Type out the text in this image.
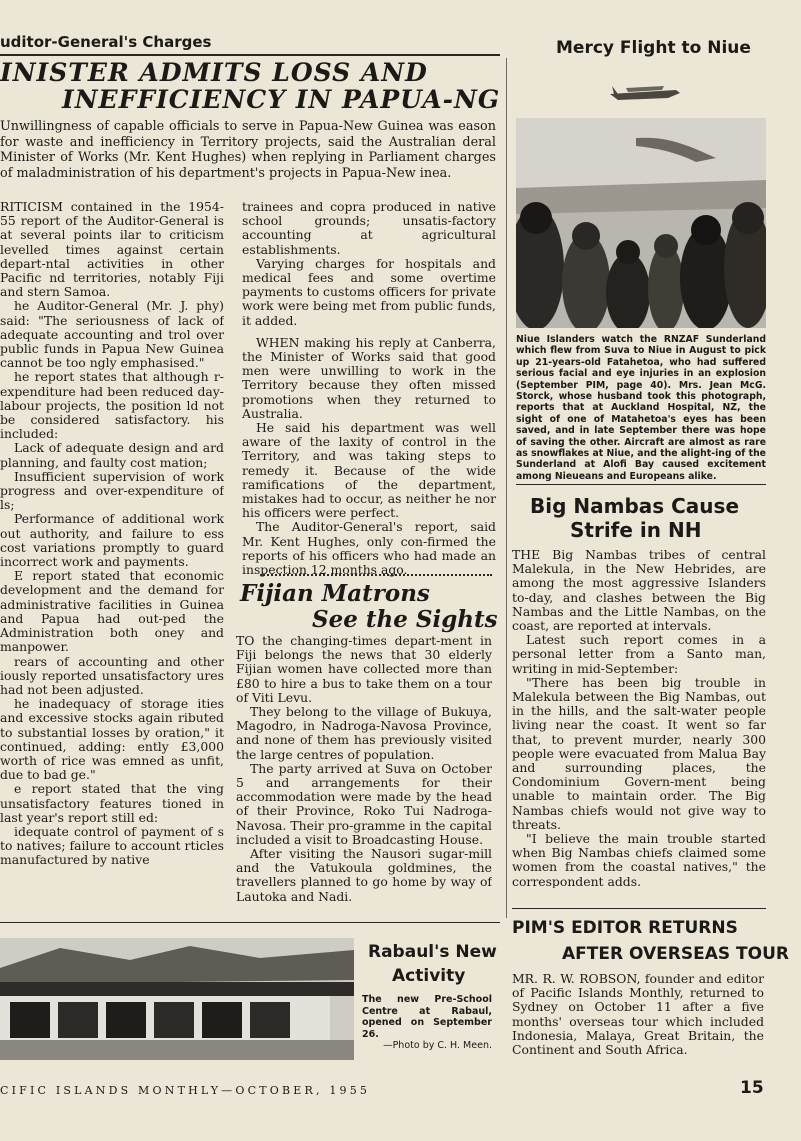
uditor-General's Charges	Mercy Flight to Niue
INISTER ADMITS LOSS AND
INEFFICIENCY IN PAPUA-NG

Unwillingness of capable officials to serve in Papua-New Guinea was eason for waste and inefficiency in Territory projects, said the Australian deral Minister of Works (Mr. Kent Hughes) when replying in Parliament charges of maladministration of his department's projects in Papua-New inea.

RITICISM contained in the 1954-55 report of the Auditor-General is at several points ilar to criticism levelled times against certain depart-ntal activities in other Pacific nd territories, notably Fiji and stern Samoa.

he Auditor-General (Mr. J. phy) said: "The seriousness of lack of adequate accounting and trol over public funds in Papua New Guinea cannot be too ngly emphasised."

he report states that although r-expenditure had been reduced day-labour projects, the position ld not be considered satisfactory. his included:

Lack of adequate design and ard planning, and faulty cost mation;

Insufficient supervision of work progress and over-expenditure of ls;

Performance of additional work out authority, and failure to ess cost variations promptly to guard incorrect work and payments.

E report stated that economic development and the demand for administrative facilities in Guinea and Papua had out-ped the Administration both oney and manpower.

rears of accounting and other iously reported unsatisfactory ures had not been adjusted.

he inadequacy of storage ities and excessive stocks again ributed to substantial losses by oration," it continued, adding: ently £3,000 worth of rice was emned as unfit, due to bad ge."

e report stated that the ving unsatisfactory features tioned in last year's report still ed:

idequate control of payment of s to natives; failure to account rticles manufactured by native

trainees and copra produced in native school grounds; unsatis-factory accounting at agricultural establishments.

Varying charges for hospitals and medical fees and some overtime payments to customs officers for private work were being met from public funds, it added.

WHEN making his reply at Canberra, the Minister of Works said that good men were unwilling to work in the Territory because they often missed promotions when they returned to Australia.

He said his department was well aware of the laxity of control in the Territory, and was taking steps to remedy it. Because of the wide ramifications of the department, mistakes had to occur, as neither he nor his officers were perfect.

The Auditor-General's report, said Mr. Kent Hughes, only con-firmed the reports of his officers who had made an inspection 12 months ago.

Fijian Matrons
See the Sights

TO the changing-times depart-ment in Fiji belongs the news that 30 elderly Fijian women have collected more than £80 to hire a bus to take them on a tour of Viti Levu.

They belong to the village of Bukuya, Magodro, in Nadroga-Navosa Province, and none of them has previously visited the large centres of population.

The party arrived at Suva on October 5 and arrangements for their accommodation were made by the head of their Province, Roko Tui Nadroga-Navosa. Their pro-gramme in the capital included a visit to Broadcasting House.

After visiting the Nausori sugar-mill and the Vatukoula goldmines, the travellers planned to go home by way of Lautoka and Nadi.

Niue Islanders watch the RNZAF Sunderland which flew from Suva to Niue in August to pick up 21-years-old Fatahetoa, who had suffered serious facial and eye injuries in an explosion (September PIM, page 40). Mrs. Jean McG. Storck, whose husband took this photograph, reports that at Auckland Hospital, NZ, the sight of one of Matahetoa's eyes has been saved, and in late September there was hope of saving the other. Aircraft are almost as rare as snowflakes at Niue, and the alight-ing of the Sunderland at Alofi Bay caused excitement among Nieueans and Europeans alike.

Big Nambas Cause
Strife in NH

THE Big Nambas tribes of central Malekula, in the New Hebrides, are among the most aggressive Islanders to-day, and clashes between the Big Nambas and the Little Nambas, on the coast, are reported at intervals.

Latest such report comes in a personal letter from a Santo man, writing in mid-September:

"There has been big trouble in Malekula between the Big Nambas, out in the hills, and the salt-water people living near the coast. It went so far that, to prevent murder, nearly 300 people were evacuated from Malua Bay and surrounding places, the Condominium Govern-ment being unable to maintain order. The Big Nambas chiefs would not give way to threats.

"I believe the main trouble started when Big Nambas chiefs claimed some women from the coastal natives," the correspondent adds.

Rabaul's New
Activity

The new Pre-School Centre at Rabaul, opened on September 26.

—Photo by C. H. Meen.

PIM'S EDITOR RETURNS
AFTER OVERSEAS TOUR

MR. R. W. ROBSON, founder and editor of Pacific Islands Monthly, returned to Sydney on October 11 after a five months' overseas tour which included Indonesia, Malaya, Great Britain, the Continent and South Africa.

CIFIC ISLANDS MONTHLY—OCTOBER, 1955	15
